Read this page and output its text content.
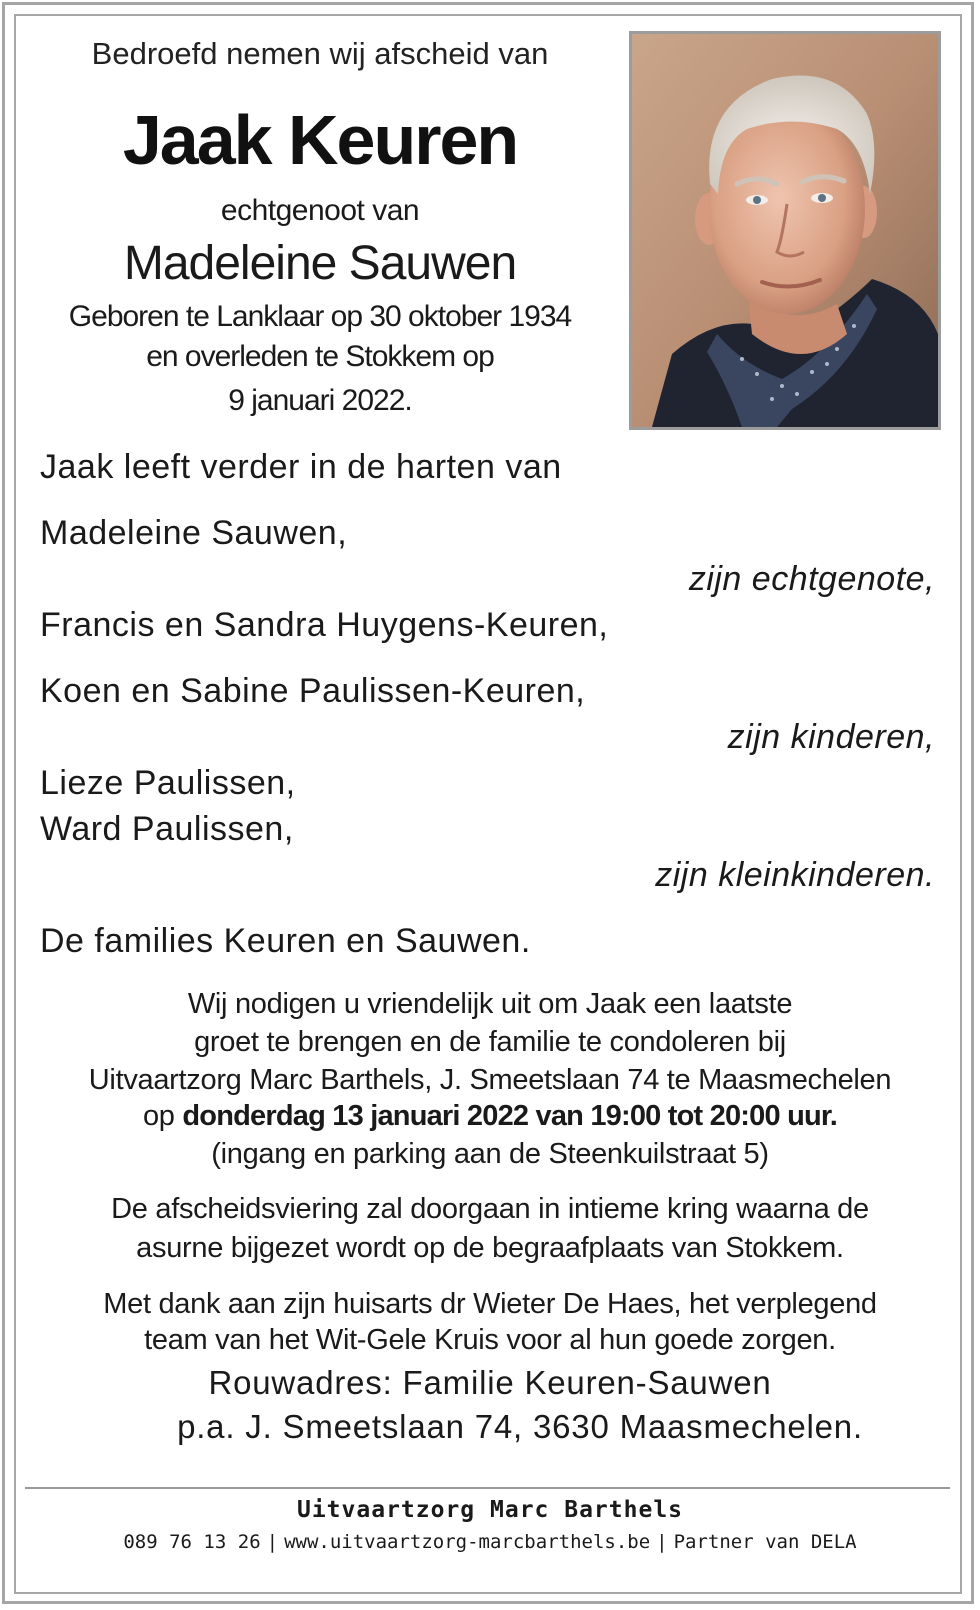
Bedroefd nemen wij afscheid van
Jaak Keuren
echtgenoot van
Madeleine Sauwen
Geboren te Lanklaar op 30 oktober 1934
en overleden te Stokkem op
9 januari 2022.
Jaak leeft verder in de harten van
Madeleine Sauwen,
zijn echtgenote,
Francis en Sandra Huygens-Keuren,
Koen en Sabine Paulissen-Keuren,
zijn kinderen,
Lieze Paulissen,
Ward Paulissen,
zijn kleinkinderen.
De families Keuren en Sauwen.
Wij nodigen u vriendelijk uit om Jaak een laatste
groet te brengen en de familie te condoleren bij
Uitvaartzorg Marc Barthels, J. Smeetslaan 74 te Maasmechelen
op donderdag 13 januari 2022 van 19:00 tot 20:00 uur.
(ingang en parking aan de Steenkuilstraat 5)
De afscheidsviering zal doorgaan in intieme kring waarna de
asurne bijgezet wordt op de begraafplaats van Stokkem.
Met dank aan zijn huisarts dr Wieter De Haes, het verplegend
team van het Wit-Gele Kruis voor al hun goede zorgen.
Rouwadres: Familie Keuren-Sauwen
p.a. J. Smeetslaan 74, 3630 Maasmechelen.
Uitvaartzorg Marc Barthels
089 76 13 26 | www.uitvaartzorg-marcbarthels.be | Partner van DELA
